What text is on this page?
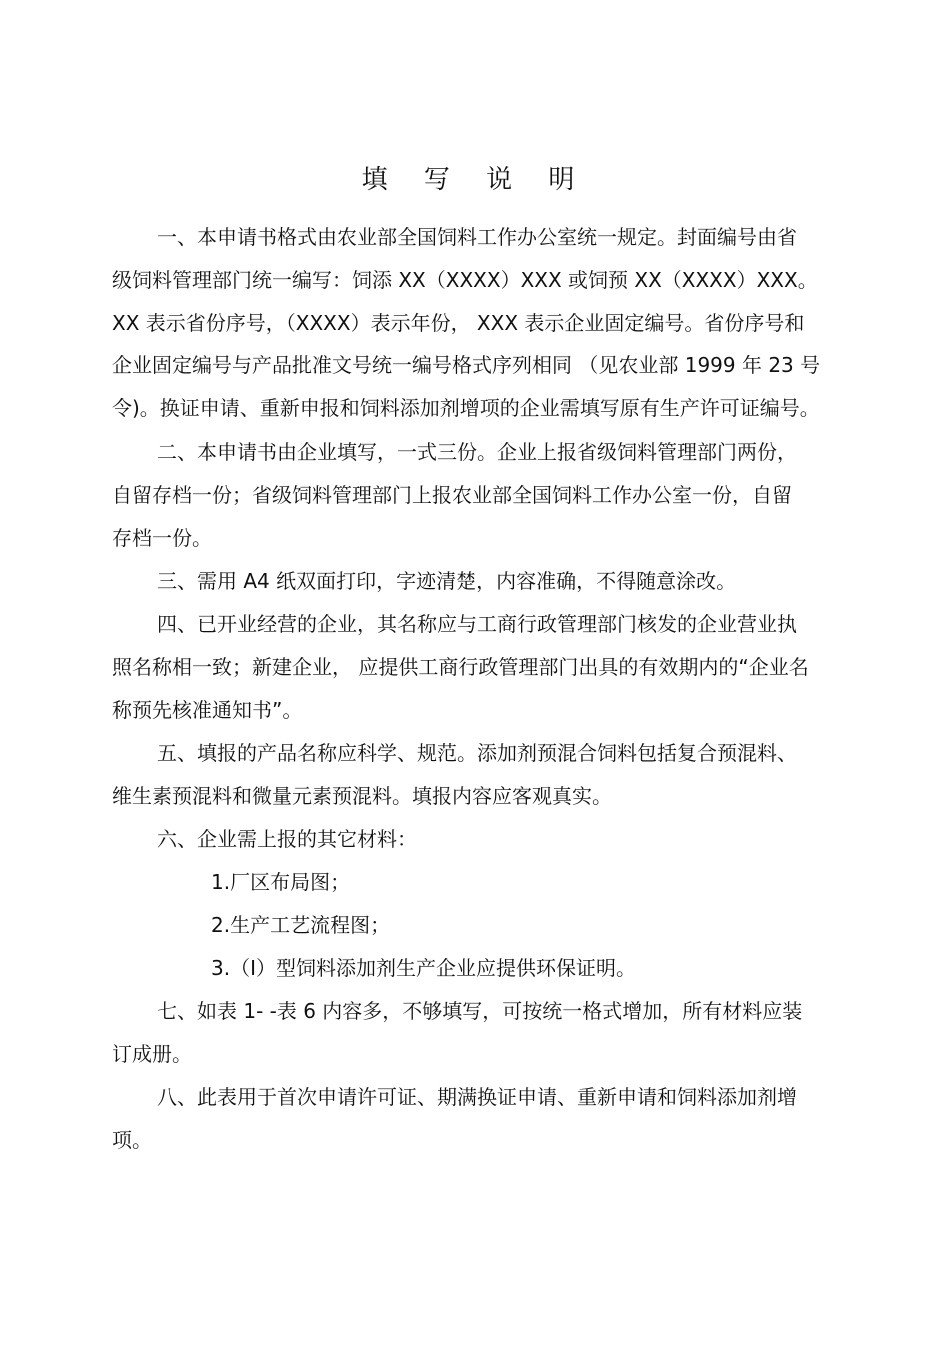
填 写 说 明
一、本申请书格式由农业部全国饲料工作办公室统一规定。封面编号由省
级饲料管理部门统一编写：饲添 XX（XXXX）XXX 或饲预 XX（XXXX）XXX。
XX 表示省份序号，（XXXX）表示年份， XXX 表示企业固定编号。省份序号和
企业固定编号与产品批准文号统一编号格式序列相同 （见农业部 1999 年 23 号
令)。换证申请、重新申报和饲料添加剂增项的企业需填写原有生产许可证编号。
二、本申请书由企业填写，一式三份。企业上报省级饲料管理部门两份，
自留存档一份；省级饲料管理部门上报农业部全国饲料工作办公室一份，自留
存档一份。
三、需用 A4 纸双面打印，字迹清楚，内容准确，不得随意涂改。
四、已开业经营的企业，其名称应与工商行政管理部门核发的企业营业执
照名称相一致；新建企业， 应提供工商行政管理部门出具的有效期内的“企业名
称预先核准通知书”。
五、填报的产品名称应科学、规范。添加剂预混合饲料包括复合预混料、
维生素预混料和微量元素预混料。填报内容应客观真实。
六、企业需上报的其它材料：
1.厂区布局图；
2.生产工艺流程图；
3.（Ⅰ）型饲料添加剂生产企业应提供环保证明。
七、如表 1- -表 6 内容多，不够填写，可按统一格式增加，所有材料应装
订成册。
八、此表用于首次申请许可证、期满换证申请、重新申请和饲料添加剂增
项。
